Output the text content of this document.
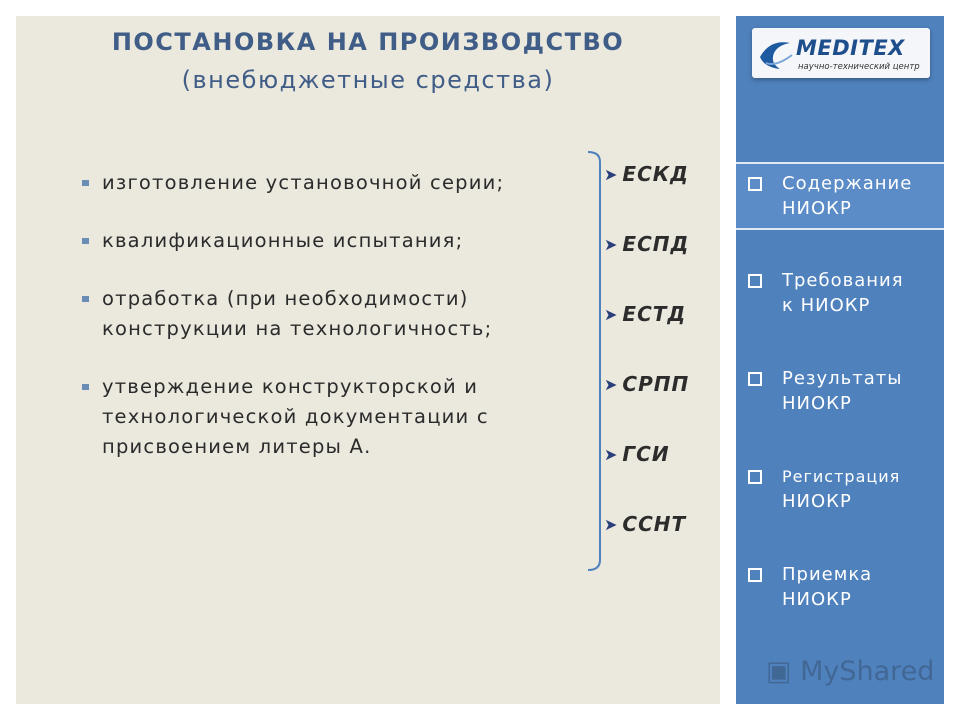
ПОСТАНОВКА НА ПРОИЗВОДСТВО
(внебюджетные средства)
изготовление установочной серии;
квалификационные испытания;
отработка (при необходимости)
конструкции на технологичность;
утверждение конструкторской и
технологической документации с
присвоением литеры А.
➤ ЕСКД
➤ ЕСПД
➤ ЕСТД
➤ СРПП
➤ ГСИ
➤ ССНТ
MEDITEX
научно-технический центр
Содержание
НИОКР
Требования
к НИОКР
Результаты
НИОКР
Регистрация
НИОКР
Приемка
НИОКР
▣ MyShared
